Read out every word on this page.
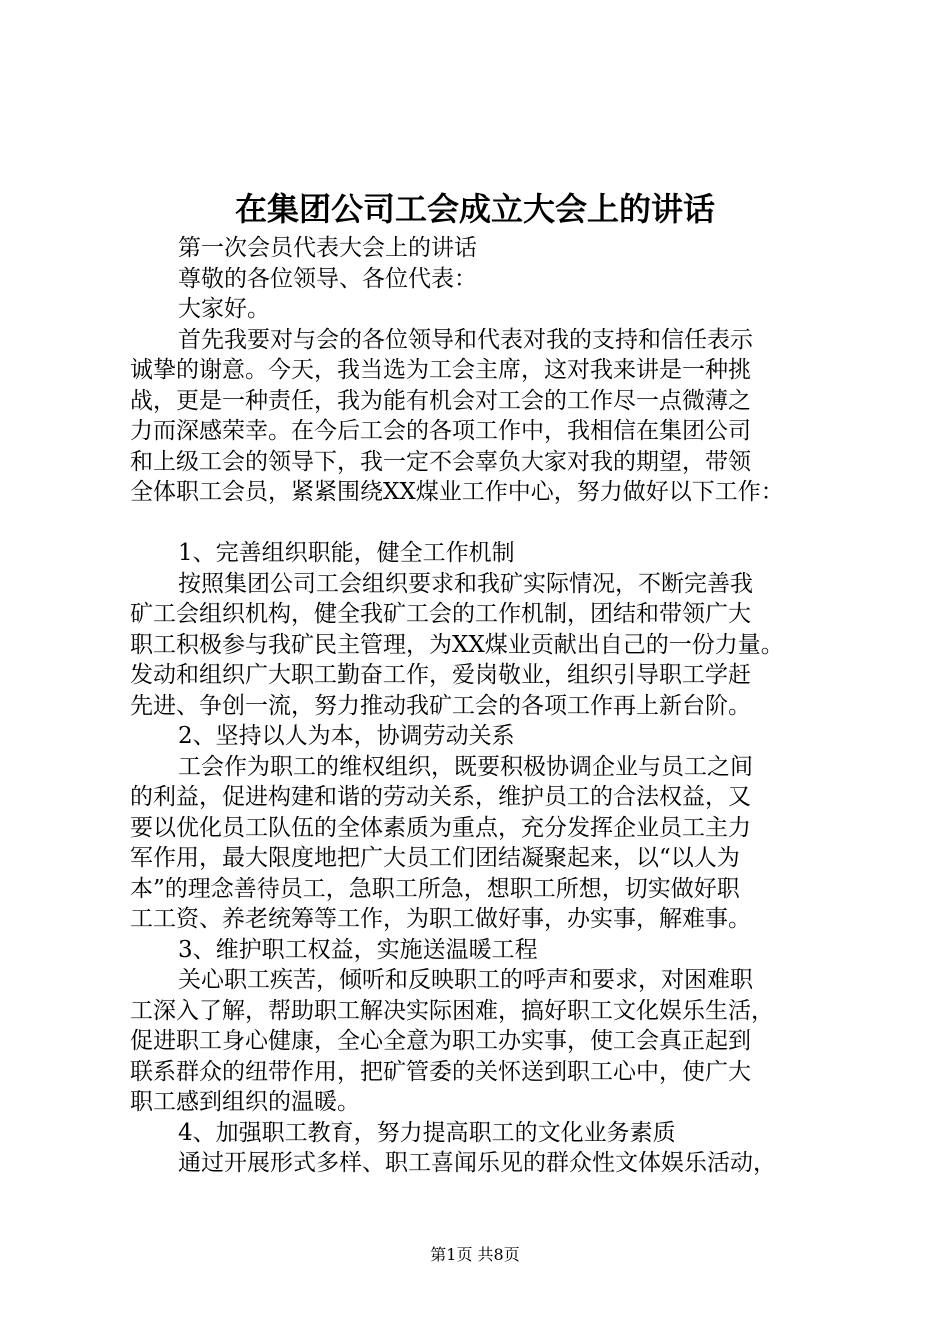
在集团公司工会成立大会上的讲话
第一次会员代表大会上的讲话
尊敬的各位领导、各位代表：
大家好。
首先我要对与会的各位领导和代表对我的支持和信任表示
诚挚的谢意。今天，我当选为工会主席，这对我来讲是一种挑
战，更是一种责任，我为能有机会对工会的工作尽一点微薄之
力而深感荣幸。在今后工会的各项工作中，我相信在集团公司
和上级工会的领导下，我一定不会辜负大家对我的期望，带领
全体职工会员，紧紧围绕XX煤业工作中心，努力做好以下工作：
1、完善组织职能，健全工作机制
按照集团公司工会组织要求和我矿实际情况，不断完善我
矿工会组织机构，健全我矿工会的工作机制，团结和带领广大
职工积极参与我矿民主管理，为XX煤业贡献出自己的一份力量。
发动和组织广大职工勤奋工作，爱岗敬业，组织引导职工学赶
先进、争创一流，努力推动我矿工会的各项工作再上新台阶。
2、坚持以人为本，协调劳动关系
工会作为职工的维权组织，既要积极协调企业与员工之间
的利益，促进构建和谐的劳动关系，维护员工的合法权益，又
要以优化员工队伍的全体素质为重点，充分发挥企业员工主力
军作用，最大限度地把广大员工们团结凝聚起来，以“以人为
本”的理念善待员工，急职工所急，想职工所想，切实做好职
工工资、养老统筹等工作，为职工做好事，办实事，解难事。
3、维护职工权益，实施送温暖工程
关心职工疾苦，倾听和反映职工的呼声和要求，对困难职
工深入了解，帮助职工解决实际困难，搞好职工文化娱乐生活，
促进职工身心健康，全心全意为职工办实事，使工会真正起到
联系群众的纽带作用，把矿管委的关怀送到职工心中，使广大
职工感到组织的温暖。
4、加强职工教育，努力提高职工的文化业务素质
通过开展形式多样、职工喜闻乐见的群众性文体娱乐活动，
第1页 共8页
